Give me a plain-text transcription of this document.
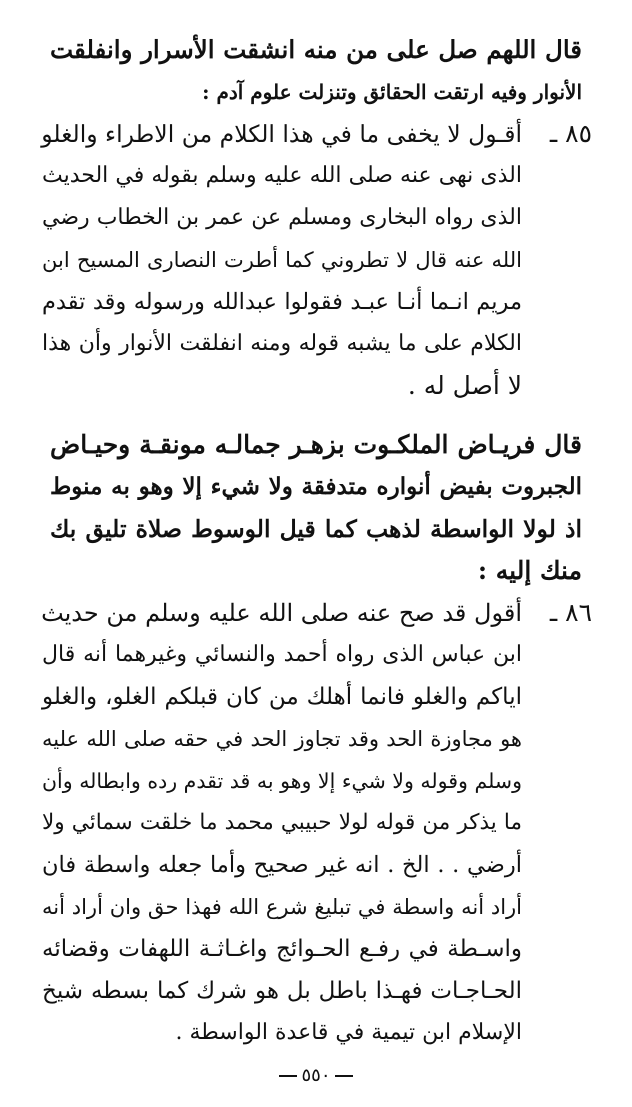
قال اللهم صل على من منه انشقت الأسرار وانفلقت
الأنوار وفيه ارتقت الحقائق وتنزلت علوم آدم :
٨٥ ـ
أقـول لا يخفى ما في هذا الكلام من الاطراء والغلو
الذى نهى عنه صلى الله عليه وسلم بقوله في الحديث
الذى رواه البخارى ومسلم عن عمر بن الخطاب رضي
الله عنه قال لا تطروني كما أطرت النصارى المسيح ابن
مريم انـما أنـا عبـد فقولوا عبدالله ورسوله وقد تقدم
الكلام على ما يشبه قوله ومنه انفلقت الأنوار وأن هذا
لا أصل له .
قال فريـاض الملكـوت بزهـر جمالـه مونقـة وحيـاض
الجبروت بفيض أنواره متدفقة ولا شيء إلا وهو به منوط
اذ لولا الواسطة لذهب كما قيل الوسوط صلاة تليق بك
منك إليه :
٨٦ ـ
أقول قد صح عنه صلى الله عليه وسلم من حديث
ابن عباس الذى رواه أحمد والنسائي وغيرهما أنه قال
اياكم والغلو فانما أهلك من كان قبلكم الغلو، والغلو
هو مجاوزة الحد وقد تجاوز الحد في حقه صلى الله عليه
وسلم وقوله ولا شيء إلا وهو به قد تقدم رده وابطاله وأن
ما يذكر من قوله لولا حبيبي محمد ما خلقت سمائي ولا
أرضي . . الخ . انه غير صحيح وأما جعله واسطة فان
أراد أنه واسطة في تبليغ شرع الله فهذا حق وان أراد أنه
واسـطة في رفـع الحـوائج واغـاثـة اللهفات وقضائه
الحـاجـات فهـذا باطل بل هو شرك كما بسطه شيخ
الإسلام ابن تيمية في قاعدة الواسطة .
٥٥٠
